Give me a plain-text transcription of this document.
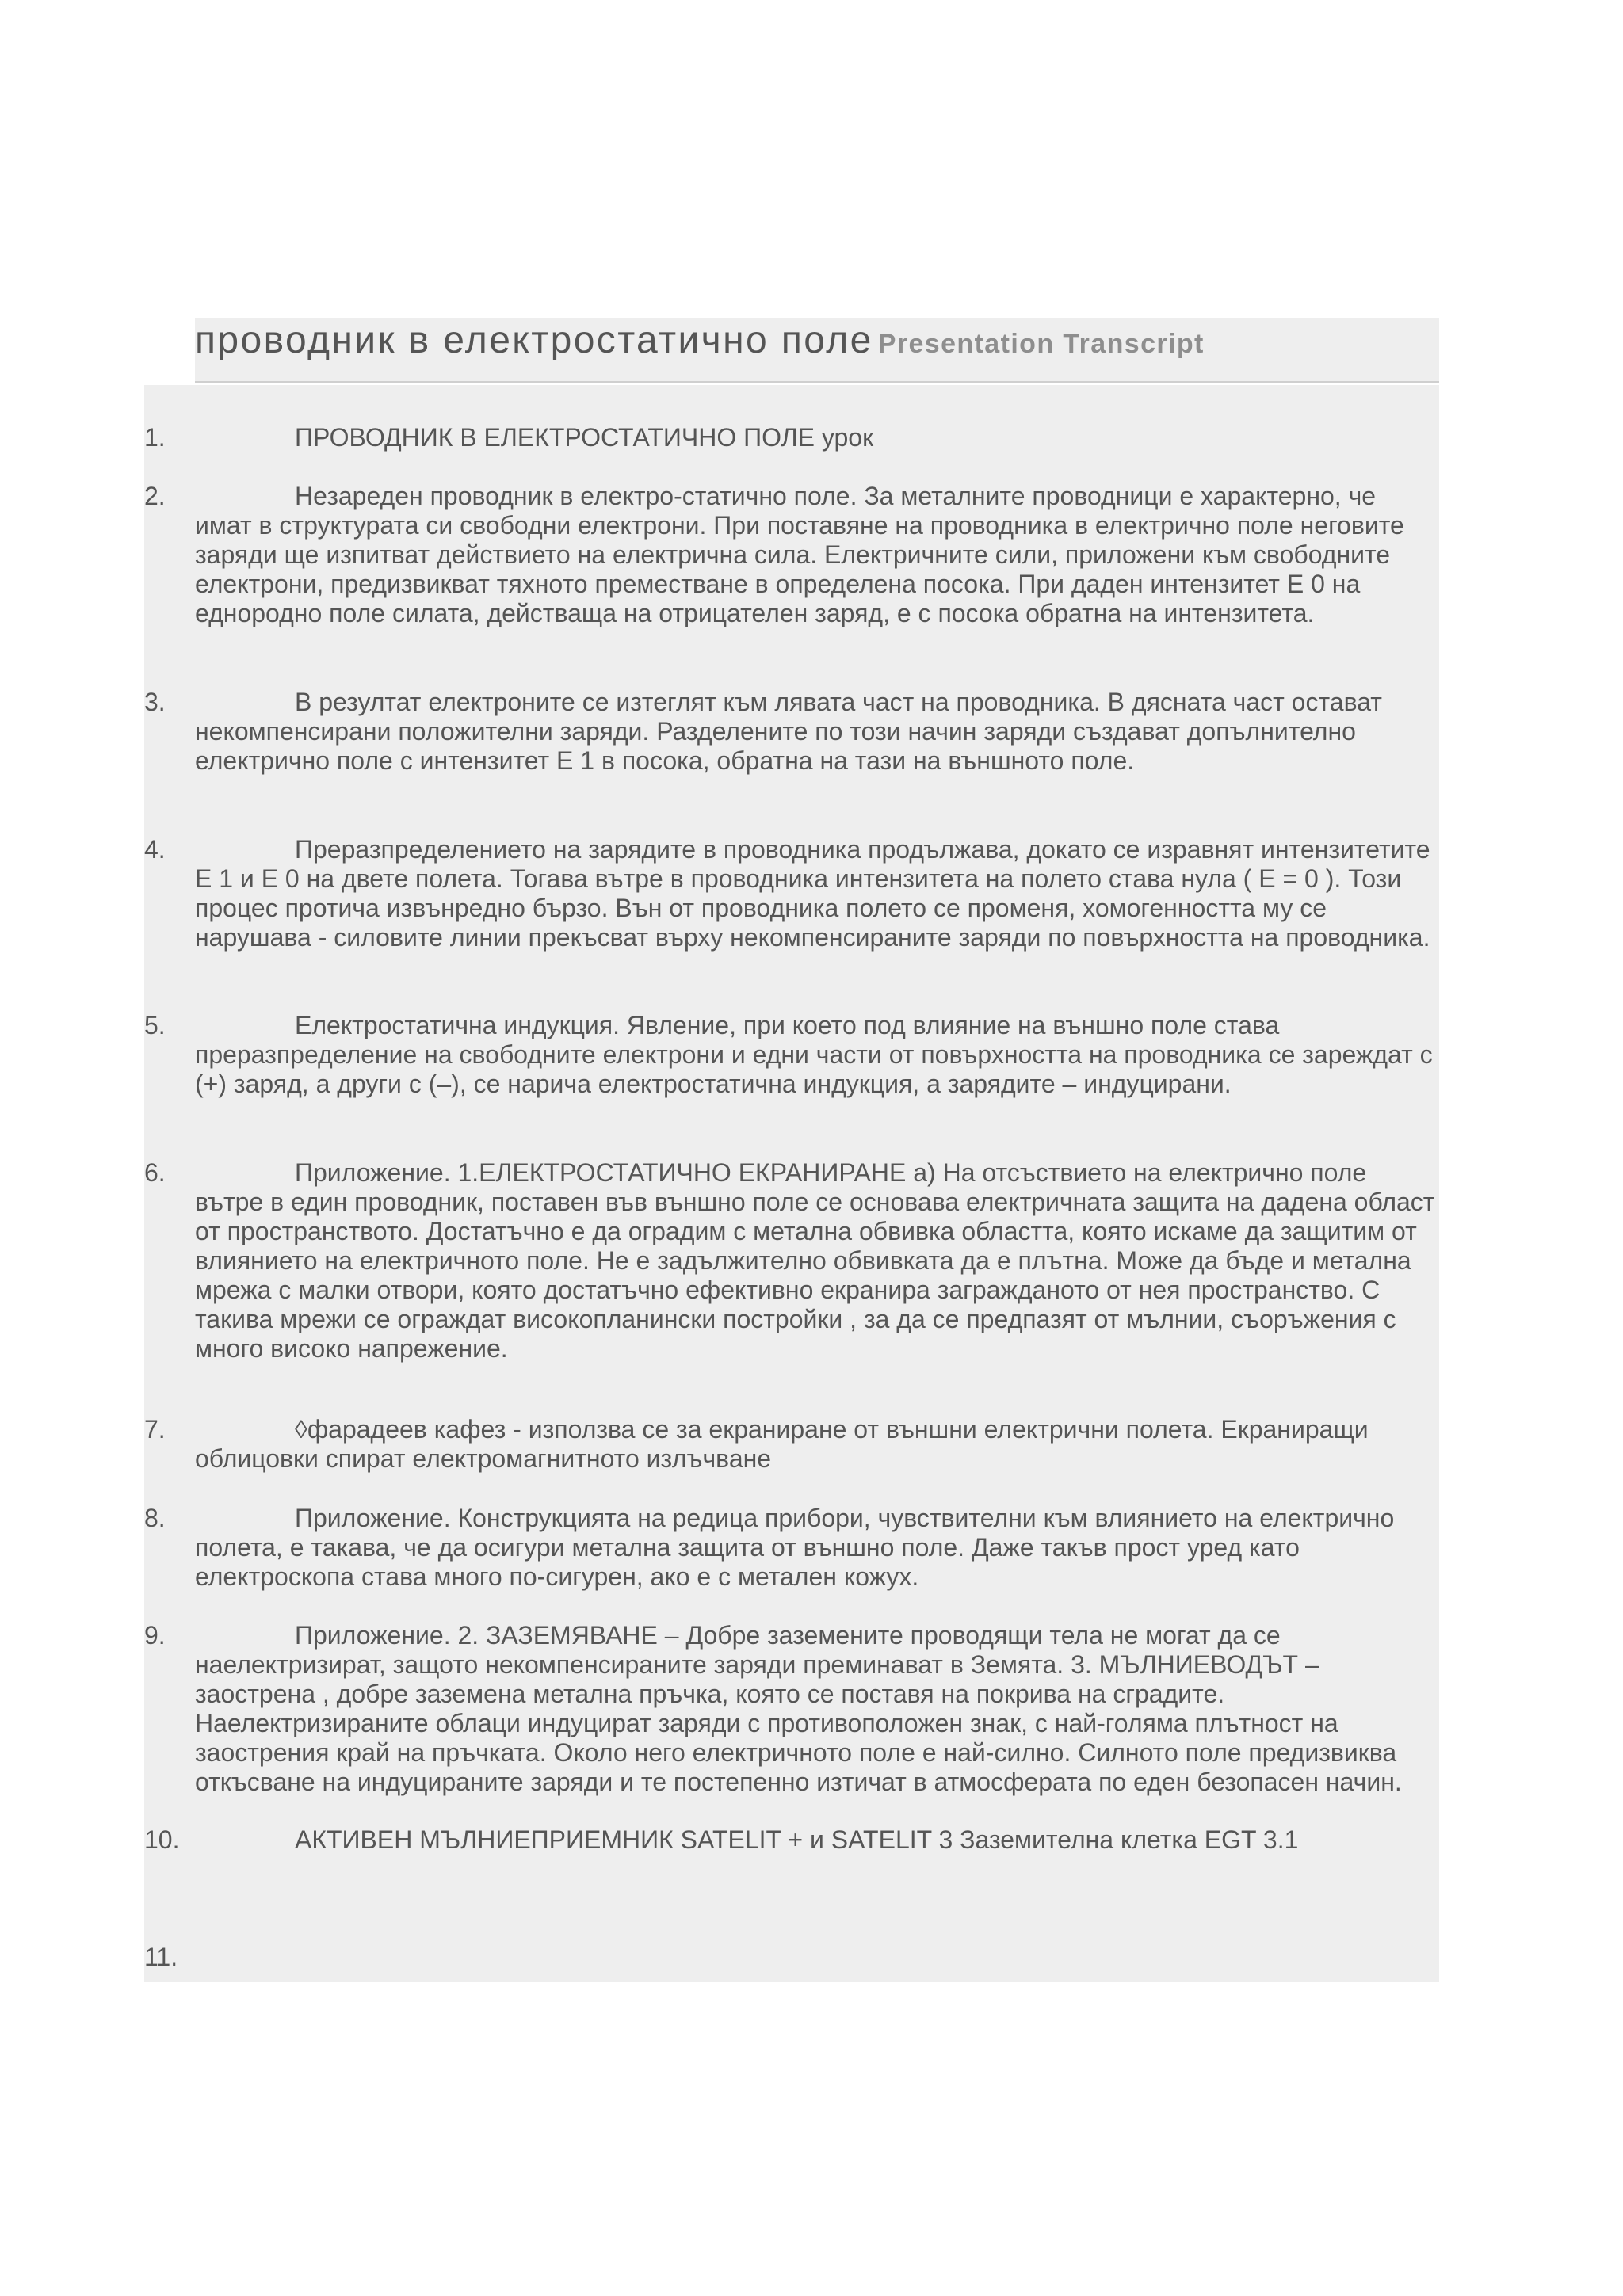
проводник в електростатично поле Presentation Transcript
1.	ПРОВОДНИК В ЕЛЕКТРОСТАТИЧНО ПОЛЕ урок
2.	Незареден проводник в електро-статично поле. За металните проводници е характерно, че имат в структурата си свободни електрони. При поставяне на проводника в електрично поле неговите заряди ще изпитват действието на електрична сила. Електричните сили, приложени към свободните електрони, предизвикват тяхното преместване в определена посока. При даден интензитет Е 0 на еднородно поле силата, действаща на отрицателен заряд, е с посока обратна на интензитета.
3.	В резултат електроните се изтеглят към лявата част на проводника. В дясната част остават некомпенсирани положителни заряди. Разделените по този начин заряди създават допълнително електрично поле с интензитет Е 1 в посока, обратна на тази на външното поле.
4.	Преразпределението на зарядите в проводника продължава, докато се изравнят интензитетите Е 1 и Е 0 на двете полета. Тогава вътре в проводника интензитета на полето става нула ( Е = 0 ). Този процес протича извънредно бързо. Вън от проводника полето се променя, хомогенността му се нарушава - силовите линии прекъсват върху некомпенсираните заряди по повърхността на проводника.
5.	Електростатична индукция. Явление, при което под влияние на външно поле става преразпределение на свободните електрони и едни части от повърхността на проводника се зареждат с (+) заряд, а други с (–), се нарича електростатична индукция, а зарядите – индуцирани.
6.	Приложение. 1.ЕЛЕКТРОСТАТИЧНО ЕКРАНИРАНЕ а) На отсъствието на електрично поле вътре в един проводник, поставен във външно поле се основава електричната защита на дадена област от пространството. Достатъчно е да оградим с метална обвивка областта, която искаме да защитим от влиянието на електричното поле. Не е задължително обвивката да е плътна. Може да бъде и метална мрежа с малки отвори, която достатъчно ефективно екранира загражданото от нея пространство. С такива мрежи се ограждат високопланински постройки , за да се предпазят от мълнии, съоръжения с много високо напрежение.
7.	◊фарадеев кафез - използва се за екраниране от външни електрични полета. Екраниращи облицовки спират електромагнитното излъчване
8.	Приложение. Конструкцията на редица прибори, чувствителни към влиянието на електрично полета, е такава, че да осигури метална защита от външно поле. Даже такъв прост уред като електроскопа става много по-сигурен, ако е с метален кожух.
9.	Приложение. 2. ЗАЗЕМЯВАНЕ – Добре заземените проводящи тела не могат да се наелектризират, защото некомпенсираните заряди преминават в Земята. 3. МЪЛНИЕВОДЪТ – заострена , добре заземена метална пръчка, която се поставя на покрива на сградите. Наелектризираните облаци индуцират заряди с противоположен знак, с най-голяма плътност на заострения край на пръчката. Около него електричното поле е най-силно. Силното поле предизвиква откъсване на индуцираните заряди и те постепенно изтичат в атмосферата по еден безопасен начин.
10.	АКТИВЕН МЪЛНИЕПРИЕМНИК SATELIT + и SATELIT 3 Заземителна клетка EGT 3.1
11.
